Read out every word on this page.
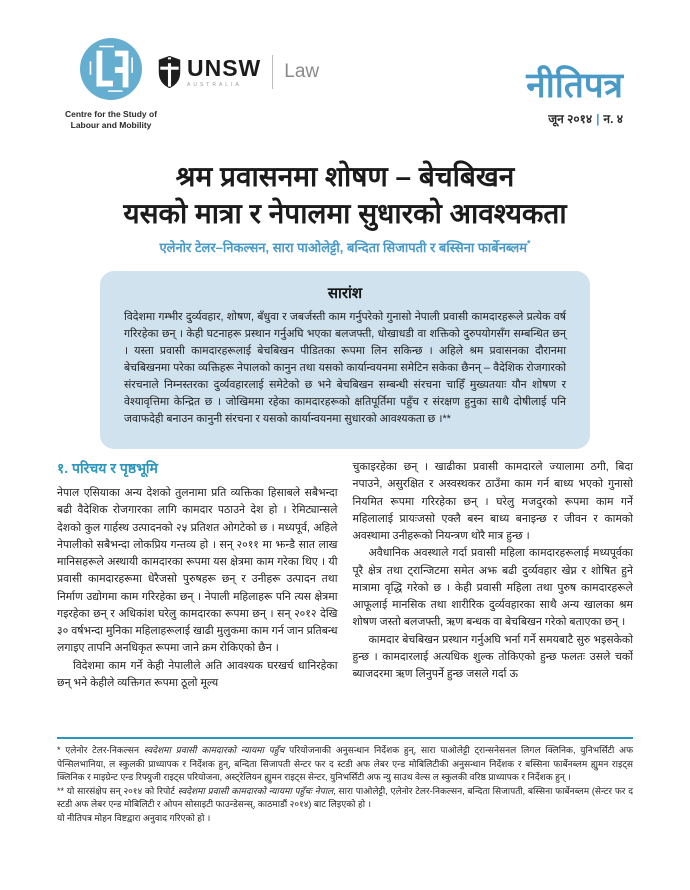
Centre for the Study of Labour and Mobility
UNSW
AUSTRALIA
Law	नीतिपत्र
जून २०१४ | न. ४
श्रम प्रवासनमा शोषण – बेचबिखन
यसको मात्रा र नेपालमा सुधारको आवश्यकता
एलेनोर टेलर–निकल्सन, सारा पाओलेट्टी, बन्दिता सिजापती र बस्सिना फार्बेनब्लम*
सारांश

विदेशमा गम्भीर दुर्व्यवहार, शोषण, बँधुवा र जबर्जस्ती काम गर्नुपरेको गुनासो नेपाली प्रवासी कामदारहरूले प्रत्येक वर्ष गरिरहेका छन् । केही घटनाहरू प्रस्थान गर्नुअघि भएका बलजफ्ती, धोखाधडी वा शक्तिको दुरुपयोगसँग सम्बन्धित छन् । यस्ता प्रवासी कामदारहरूलाई बेचबिखन पीडितका रूपमा लिन सकिन्छ । अहिले श्रम प्रवासनका दौरानमा बेचबिखनमा परेका व्यक्तिहरू नेपालको कानुन तथा यसको कार्यान्वयनमा समेटिन सकेका छैनन् – वैदेशिक रोजगारको संरचनाले निम्नस्तरका दुर्व्यवहारलाई समेटेको छ भने बेचबिखन सम्बन्धी संरचना चाहिँ मुख्यतयाः यौन शोषण र वेश्यावृत्तिमा केन्द्रित छ । जोखिममा रहेका कामदारहरूको क्षतिपूर्तिमा पहुँच र संरक्षण हुनुका साथै दोषीलाई पनि जवाफदेही बनाउन कानुनी संरचना र यसको कार्यान्वयनमा सुधारको आवश्यकता छ ।**

१. परिचय र पृष्ठभूमि

नेपाल एसियाका अन्य देशको तुलनामा प्रति व्यक्तिका हिसाबले सबैभन्दा बढी वैदेशिक रोजगारका लागि कामदार पठाउने देश हो । रेमिट्यान्सले देशको कुल गार्हस्थ उत्पादनको २५ प्रतिशत ओगटेको छ । मध्यपूर्व, अहिले नेपालीको सबैभन्दा लोकप्रिय गन्तव्य हो । सन् २०११ मा झन्डै सात लाख मानिसहरूले अस्थायी कामदारका रूपमा यस क्षेत्रमा काम गरेका थिए । यी प्रवासी कामदारहरूमा धेरैजसो पुरुषहरू छन् र उनीहरू उत्पादन तथा निर्माण उद्योगमा काम गरिरहेका छन् । नेपाली महिलाहरू पनि त्यस क्षेत्रमा गइरहेका छन् र अधिकांश घरेलु कामदारका रूपमा छन् । सन् २०१२ देखि ३० वर्षभन्दा मुनिका महिलाहरूलाई खाढी मुलुकमा काम गर्न जान प्रतिबन्ध लगाइए तापनि अनधिकृत रूपमा जाने क्रम रोकिएको छैन ।

विदेशमा काम गर्ने केही नेपालीले अति आवश्यक घरखर्च धानिरहेका छन् भने केहीले व्यक्तिगत रूपमा ठूलो मूल्य

चुकाइरहेका छन् । खाढीका प्रवासी कामदारले ज्यालामा ठगी, बिदा नपाउने, असुरक्षित र अस्वस्थकर ठाउँमा काम गर्न बाध्य भएको गुनासो नियमित रूपमा गरिरहेका छन् । घरेलु मजदुरको रूपमा काम गर्ने महिलालाई प्रायःजसो एक्लै बस्न बाध्य बनाइन्छ र जीवन र कामको अवस्थामा उनीहरूको नियन्त्रण थोरै मात्र हुन्छ ।

अवैधानिक अवस्थाले गर्दा प्रवासी महिला कामदारहरूलाई मध्यपूर्वका पूरै क्षेत्र तथा ट्रान्जिटमा समेत अझ बढी दुर्व्यवहार खेप्न र शोषित हुने मात्रामा वृद्धि गरेको छ । केही प्रवासी महिला तथा पुरुष कामदारहरूले आफूलाई मानसिक तथा शारीरिक दुर्व्यवहारका साथै अन्य खालका श्रम शोषण जस्तो बलजफ्ती, ऋण बन्धक वा बेचबिखन गरेको बताएका छन् ।

कामदार बेचबिखन प्रस्थान गर्नुअघि भर्ना गर्ने समयबाटै सुरु भइसकेको हुन्छ । कामदारलाई अत्यधिक शुल्क तोकिएको हुन्छ फलतः उसले चर्को ब्याजदरमा ऋण लिनुपर्ने हुन्छ जसले गर्दा ऊ

* एलेनोर टेलर-निकल्सन स्वदेशमा प्रवासी कामदारको न्यायमा पहुँच परियोजनाकी अनुसन्धान निर्देशक हुन्, सारा पाओलेट्टी ट्रान्सनेसनल लिगल क्लिनिक, युनिभर्सिटी अफ पेन्सिलभानिया, ल स्कुलकी प्राध्यापक र निर्देशक हुन्, बन्दिता सिजापती सेन्टर फर द स्टडी अफ लेबर एन्ड मोबिलिटीकी अनुसन्धान निर्देशक र बस्सिना फार्बेनब्लम ह्युमन राइट्स क्लिनिक र माइग्रेन्ट एन्ड रिफ्युजी राइट्स परियोजना, अस्ट्रेलियन ह्युमन राइट्स सेन्टर, युनिभर्सिटी अफ न्यु साउथ वेल्स ल स्कुलकी वरिष्ठ प्राध्यापक र निर्देशक हुन् ।

** यो सारसंक्षेप सन् २०१४ को रिपोर्ट स्वदेशमा प्रवासी कामदारको न्यायमा पहुँचः नेपाल, सारा पाओलेट्टी, एलेनोर टेलर-निकल्सन, बन्दिता सिजापती, बस्सिना फार्बेनब्लम (सेन्टर फर द स्टडी अफ लेबर एन्ड मोबिलिटी र ओपन सोसाइटी फाउन्डेसन्स्, काठमाडौं २०१४) बाट लिइएको हो ।

यो नीतिपत्र मोहन विष्टद्वारा अनुवाद गरिएको हो ।
